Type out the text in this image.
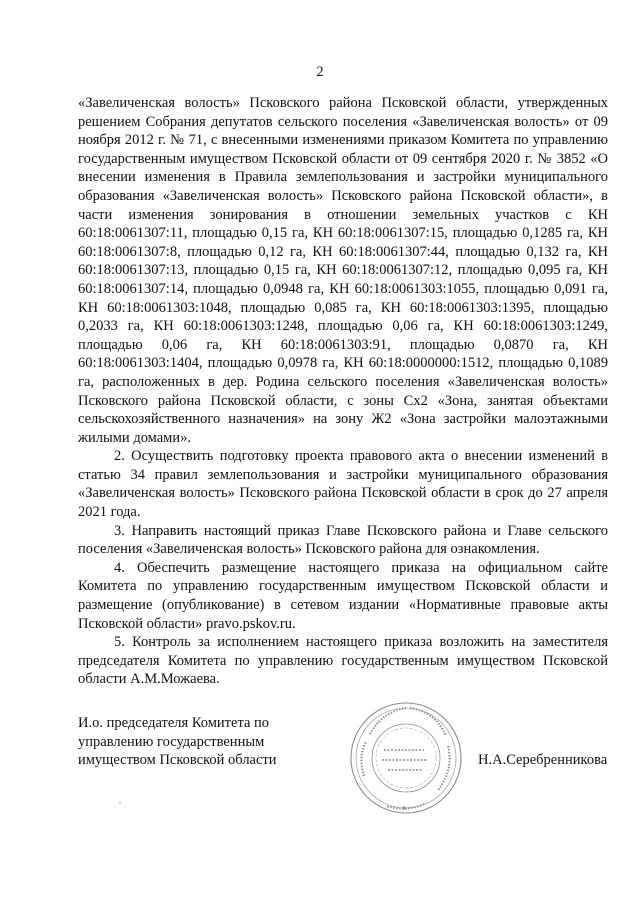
2

«Завеличенская волость» Псковского района Псковской области, утвержденных решением Собрания депутатов сельского поселения «Завеличенская волость» от 09 ноября 2012 г. № 71, с внесенными изменениями приказом Комитета по управлению государственным имуществом Псковской области от 09 сентября 2020 г. № 3852 «О внесении изменения в Правила землепользования и застройки муниципального образования «Завеличенская волость» Псковского района Псковской области», в части изменения зонирования в отношении земельных участков с КН 60:18:0061307:11, площадью 0,15 га, КН 60:18:0061307:15, площадью 0,1285 га, КН 60:18:0061307:8, площадью 0,12 га, КН 60:18:0061307:44, площадью 0,132 га, КН 60:18:0061307:13, площадью 0,15 га, КН 60:18:0061307:12, площадью 0,095 га, КН 60:18:0061307:14, площадью 0,0948 га, КН 60:18:0061303:1055, площадью 0,091 га, КН 60:18:0061303:1048, площадью 0,085 га, КН 60:18:0061303:1395, площадью 0,2033 га, КН 60:18:0061303:1248, площадью 0,06 га, КН 60:18:0061303:1249, площадью 0,06 га, КН 60:18:0061303:91, площадью 0,0870 га, КН 60:18:0061303:1404, площадью 0,0978 га, КН 60:18:0000000:1512, площадью 0,1089 га, расположенных в дер. Родина сельского поселения «Завеличенская волость» Псковского района Псковской области, с зоны Сх2 «Зона, занятая объектами сельскохозяйственного назначения» на зону Ж2 «Зона застройки малоэтажными жилыми домами».

2. Осуществить подготовку проекта правового акта о внесении изменений в статью 34 правил землепользования и застройки муниципального образования «Завеличенская волость» Псковского района Псковской области в срок до 27 апреля 2021 года.

3. Направить настоящий приказ Главе Псковского района и Главе сельского поселения «Завеличенская волость» Псковского района для ознакомления.

4. Обеспечить размещение настоящего приказа на официальном сайте Комитета по управлению государственным имуществом Псковской области и размещение (опубликование) в сетевом издании «Нормативные правовые акты Псковской области» pravo.pskov.ru.

5. Контроль за исполнением настоящего приказа возложить на заместителя председателя Комитета по управлению государственным имуществом Псковской области А.М.Можаева.

И.о. председателя Комитета по
управлению государственным
имуществом Псковской области	Н.А.Серебренникова
